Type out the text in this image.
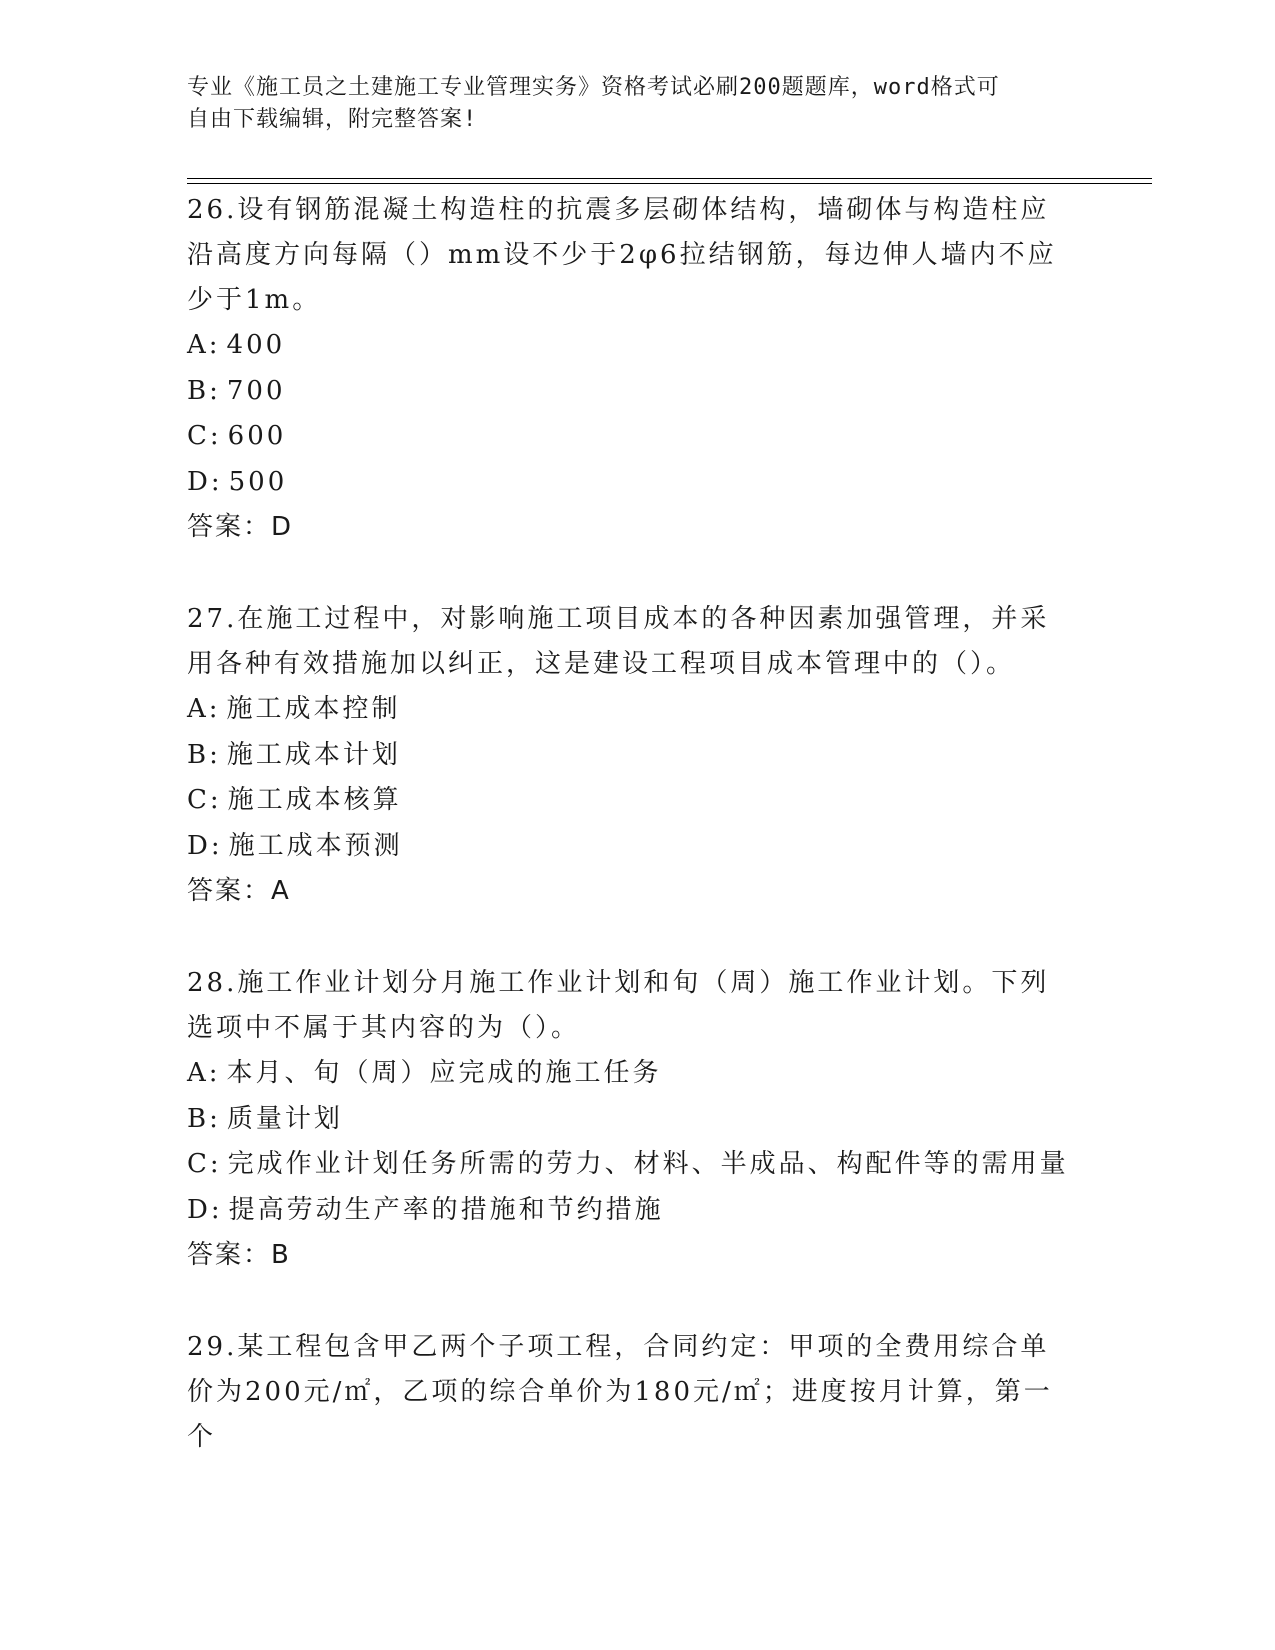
专业《施工员之土建施工专业管理实务》资格考试必刷200题题库，word格式可
自由下载编辑，附完整答案!

26.设有钢筋混凝土构造柱的抗震多层砌体结构，墙砌体与构造柱应沿高度方向每隔（）mm设不少于2φ6拉结钢筋，每边伸人墙内不应少于1m。

A: 400

B: 700

C: 600

D: 500

答案：D

27.在施工过程中，对影响施工项目成本的各种因素加强管理，并采用各种有效措施加以纠正，这是建设工程项目成本管理中的（）。

A: 施工成本控制

B: 施工成本计划

C: 施工成本核算

D: 施工成本预测

答案：A

28.施工作业计划分月施工作业计划和旬（周）施工作业计划。下列选项中不属于其内容的为（）。

A: 本月、旬（周）应完成的施工任务

B: 质量计划

C: 完成作业计划任务所需的劳力、材料、半成品、构配件等的需用量

D: 提高劳动生产率的措施和节约措施

答案：B

29.某工程包含甲乙两个子项工程，合同约定：甲项的全费用综合单价为200元/㎡，乙项的综合单价为180元/㎡；进度按月计算，第一个
